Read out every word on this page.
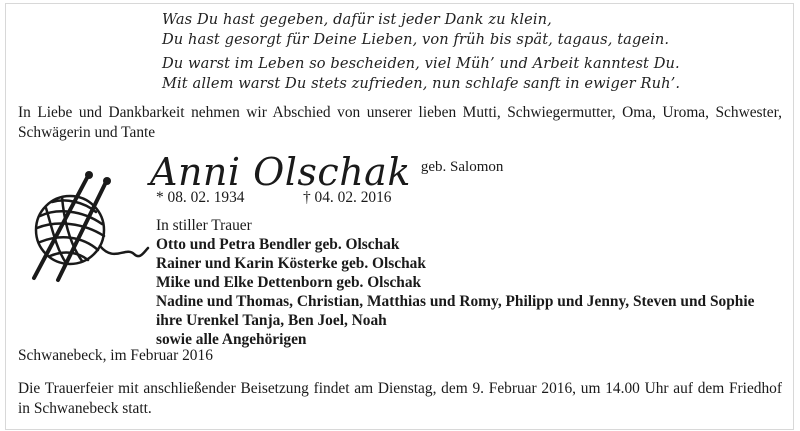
Was Du hast gegeben, dafür ist jeder Dank zu klein,
Du hast gesorgt für Deine Lieben, von früh bis spät, tagaus, tagein.
Du warst im Leben so bescheiden, viel Müh’ und Arbeit kanntest Du.
Mit allem warst Du stets zufrieden, nun schlafe sanft in ewiger Ruh’.
In Liebe und Dankbarkeit nehmen wir Abschied von unserer lieben Mutti, Schwiegermutter, Oma, Uroma, Schwester, Schwägerin und Tante
Anni Olschak geb. Salomon
* 08. 02. 1934	† 04. 02. 2016
In stiller Trauer
Otto und Petra Bendler geb. Olschak
Rainer und Karin Kösterke geb. Olschak
Mike und Elke Dettenborn geb. Olschak
Nadine und Thomas, Christian, Matthias und Romy, Philipp und Jenny, Steven und Sophie
ihre Urenkel Tanja, Ben Joel, Noah
sowie alle Angehörigen
Schwanebeck, im Februar 2016
Die Trauerfeier mit anschließender Beisetzung findet am Dienstag, dem 9. Februar 2016, um 14.00 Uhr auf dem Friedhof in Schwanebeck statt.
